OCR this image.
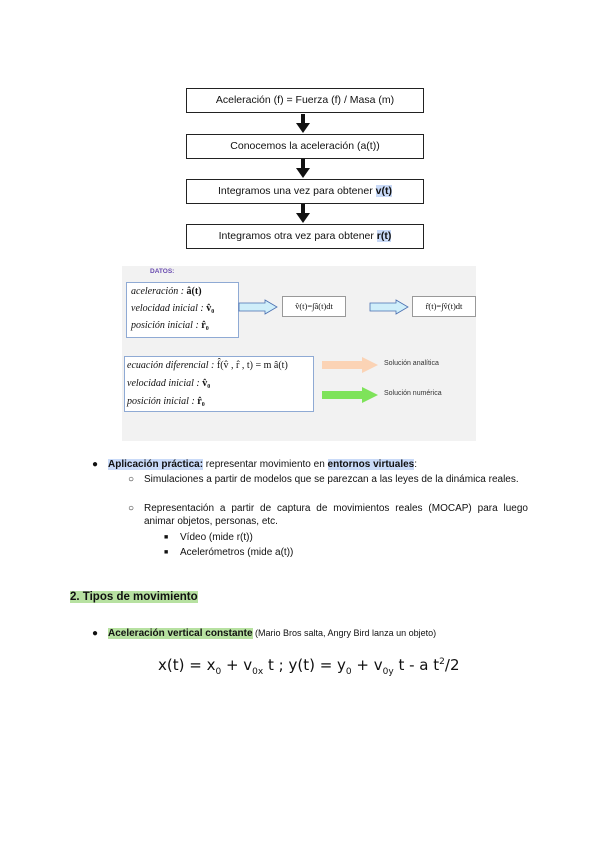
Aceleración (f) = Fuerza (f) / Masa (m)
Conocemos la aceleración (a(t))
Integramos una vez para obtener v(t)
Integramos otra vez para obtener r(t)
DATOS:
aceleración : â(t)
velocidad inicial : v̂₀
posición inicial : r̂₀
v̂(t)=∫â(t)dt	r̂(t)=∫v̂(t)dt
ecuación diferencial : f̂(v̂ , r̂ , t) = m â(t)
velocidad inicial : v̂₀
posición inicial : r̂₀
Solución analítica
Solución numérica
● Aplicación práctica: representar movimiento en entornos virtuales:
○ Simulaciones a partir de modelos que se parezcan a las leyes de la dinámica reales.
○ Representación a partir de captura de movimientos reales (MOCAP) para luego animar objetos, personas, etc.
■ Vídeo (mide r(t))
■ Acelerómetros (mide a(t))
2. Tipos de movimiento
● Aceleración vertical constante (Mario Bros salta, Angry Bird lanza un objeto)
$x(t) = x_0 + v_{0x}$ t ; $y(t) = y_0 + v_{0y}$ t - a $t^2/2$
